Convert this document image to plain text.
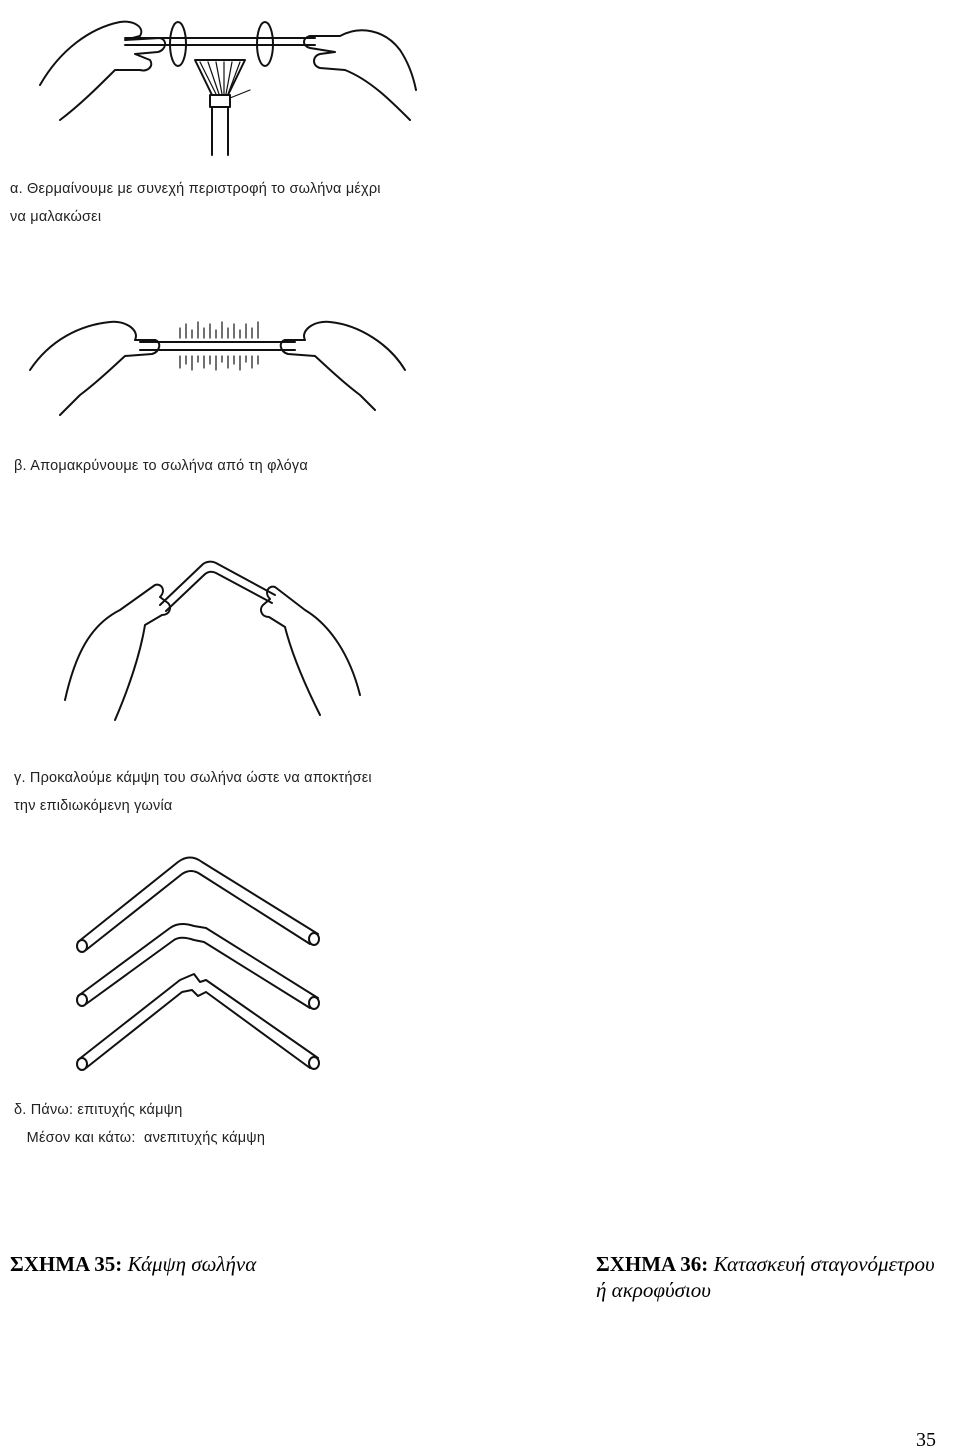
α. Θερμαίνουμε με συνεχή περιστροφή το σωλήνα μέχρι
να μαλακώσει
β. Απομακρύνουμε το σωλήνα από τη φλόγα
γ. Προκαλούμε κάμψη του σωλήνα ώστε να αποκτήσει
την επιδιωκόμενη γωνία
δ. Πάνω: επιτυχής κάμψη
Μέσον και κάτω:  ανεπιτυχής κάμψη
ΣΧΗΜΑ 35: Κάμψη σωλήνα	ΣΧΗΜΑ 36: Κατασκευή σταγονόμετρου
ή ακροφύσιου
35
